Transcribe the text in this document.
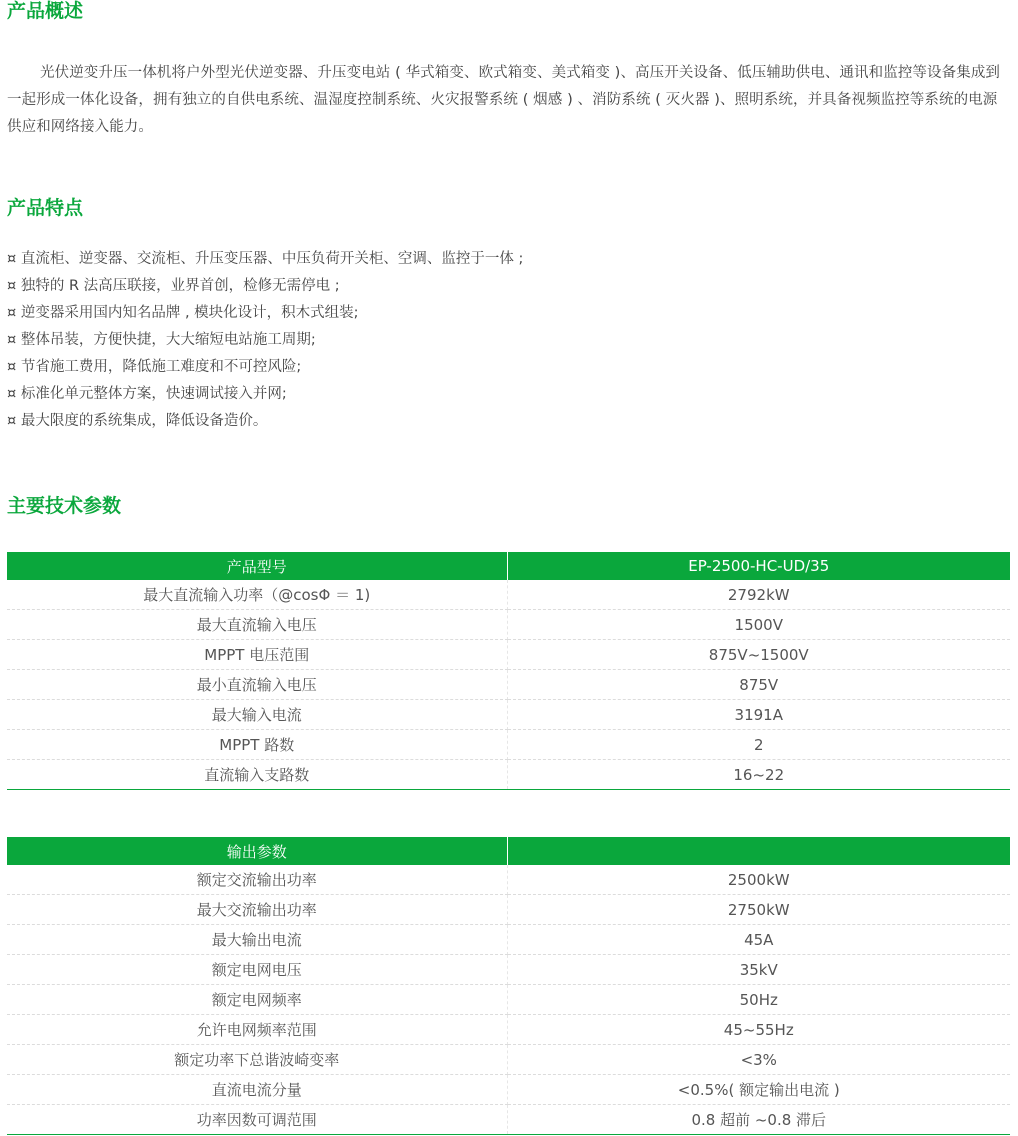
产品概述

光伏逆变升压一体机将户外型光伏逆变器、升压变电站 ( 华式箱变、欧式箱变、美式箱变 )、高压开关设备、低压辅助供电、通讯和监控等设备集成到一起形成一体化设备，拥有独立的自供电系统、温湿度控制系统、火灾报警系统 ( 烟感 ) 、消防系统 ( 灭火器 )、照明系统，并具备视频监控等系统的电源供应和网络接入能力。

产品特点
¤ 直流柜、逆变器、交流柜、升压变压器、中压负荷开关柜、空调、监控于一体 ;
¤ 独特的 R 法高压联接，业界首创，检修无需停电 ;
¤ 逆变器采用国内知名品牌 , 模块化设计，积木式组装;
¤ 整体吊装，方便快捷，大大缩短电站施工周期;
¤ 节省施工费用，降低施工难度和不可控风险;
¤ 标准化单元整体方案，快速调试接入并网;
¤ 最大限度的系统集成，降低设备造价。
主要技术参数
产品型号	EP-2500-HC-UD/35
最大直流输入功率（@cosΦ ＝ 1)	2792kW
最大直流输入电压	1500V
MPPT 电压范围	875V~1500V
最小直流输入电压	875V
最大输入电流	3191A
MPPT 路数	2
直流输入支路数	16~22
输出参数	
额定交流输出功率	2500kW
最大交流输出功率	2750kW
最大输出电流	45A
额定电网电压	35kV
额定电网频率	50Hz
允许电网频率范围	45~55Hz
额定功率下总谐波崎变率	<3%
直流电流分量	<0.5%( 额定输出电流 )
功率因数可调范围	0.8 超前 ~0.8 滞后
